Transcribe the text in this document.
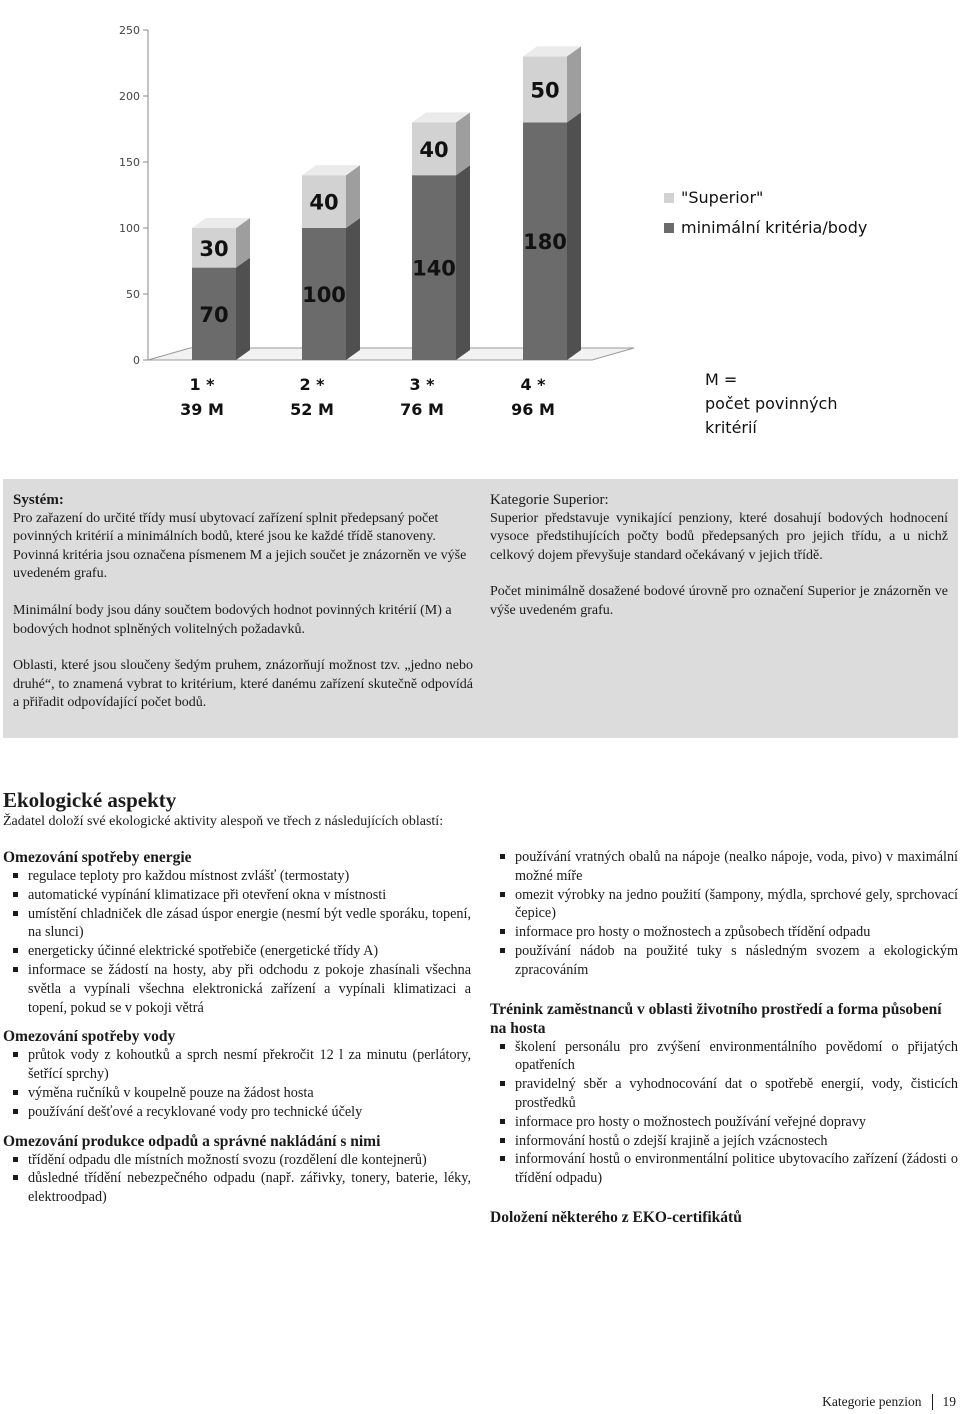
0
50
100
150
200
250
70
30
1 *
39 M
100
40
2 *
52 M
140
40
3 *
76 M
180
50
4 *
96 M
"Superior"
minimální kritéria/body
M =
počet povinných
kritérií
Systém:

Pro zařazení do určité třídy musí ubytovací zařízení splnit předepsaný počet povinných kritérií a minimálních bodů, které jsou ke každé třídě stanoveny. Povinná kritéria jsou označena písmenem M a jejich součet je znázorněn ve výše uvedeném grafu.

Minimální body jsou dány součtem bodových hodnot povinných kritérií (M) a bodových hodnot splněných volitelných požadavků.

Oblasti, které jsou sloučeny šedým pruhem, znázorňují možnost tzv. „jedno nebo druhé“, to znamená vybrat to kritérium, které danému zařízení skutečně odpovídá a přiřadit odpovídající počet bodů.

Kategorie Superior:

Superior představuje vynikající penziony, které dosahují bodových hodnocení vysoce předstihujících počty bodů předepsaných pro jejich třídu, a u nichž celkový dojem převyšuje standard očekávaný v jejich třídě.

Počet minimálně dosažené bodové úrovně pro označení Superior je znázorněn ve výše uvedeném grafu.

Ekologické aspekty

Žadatel doloží své ekologické aktivity alespoň ve třech z následujících oblastí:

Omezování spotřeby energie
regulace teploty pro každou místnost zvlášť (termostaty)
automatické vypínání klimatizace při otevření okna v místnosti
umístění chladniček dle zásad úspor energie (nesmí být vedle sporáku, topení, na slunci)
energeticky účinné elektrické spotřebiče (energetické třídy A)
informace se žádostí na hosty, aby při odchodu z pokoje zhasínali všechna světla a vypínali všechna elektronická zařízení a vypínali klimatizaci a topení, pokud se v pokoji větrá
Omezování spotřeby vody
průtok vody z kohoutků a sprch nesmí překročit 12 l za minutu (perlátory, šetřící sprchy)
výměna ručníků v koupelně pouze na žádost hosta
používání dešťové a recyklované vody pro technické účely
Omezování produkce odpadů a správné nakládání s nimi
třídění odpadu dle místních možností svozu (rozdělení dle kontejnerů)
důsledné třídění nebezpečného odpadu (např. zářivky, tonery, baterie, léky, elektroodpad)
používání vratných obalů na nápoje (nealko nápoje, voda, pivo) v maximální možné míře
omezit výrobky na jedno použití (šampony, mýdla, sprchové gely, sprchovací čepice)
informace pro hosty o možnostech a způsobech třídění odpadu
používání nádob na použité tuky s následným svozem a ekologickým zpracováním
Trénink zaměstnanců v oblasti životního prostředí a forma působení na hosta
školení personálu pro zvýšení environmentálního povědomí o přijatých opatřeních
pravidelný sběr a vyhodnocování dat o spotřebě energií, vody, čisticích prostředků
informace pro hosty o možnostech používání veřejné dopravy
informování hostů o zdejší krajině a jejích vzácnostech
informování hostů o environmentální politice ubytovacího zařízení (žádosti o třídění odpadu)
Doložení některého z EKO-certifikátů
Kategorie penzion 19
